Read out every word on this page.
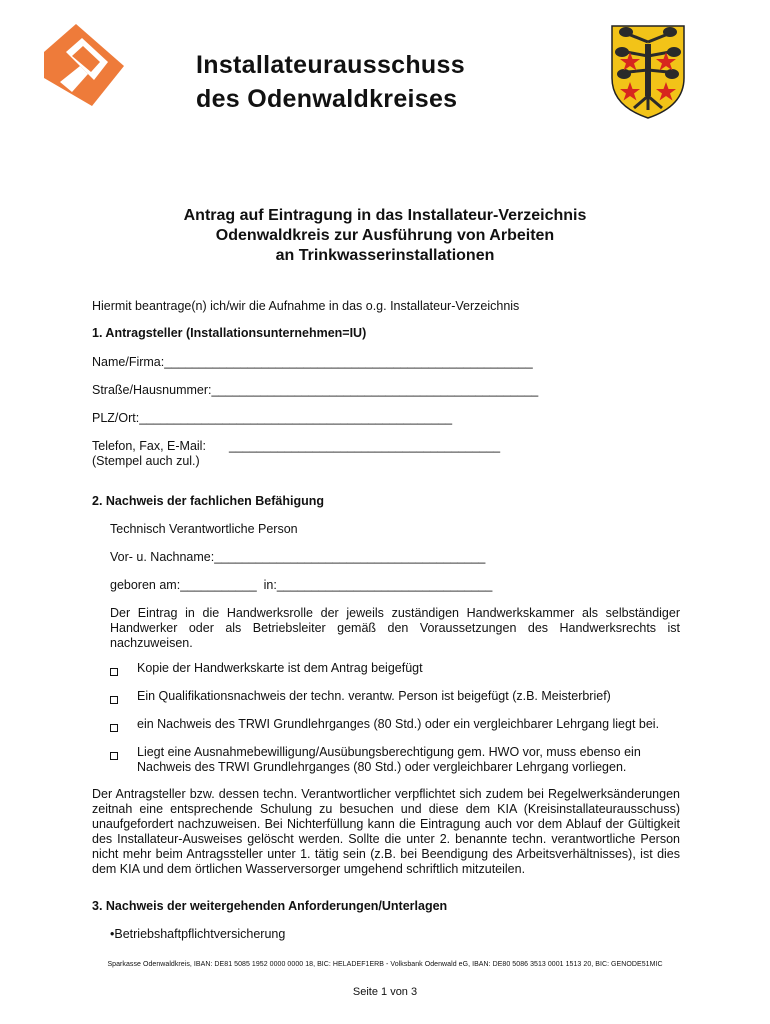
Installateurausschuss
des Odenwaldkreises
Antrag auf Eintragung in das Installateur-Verzeichnis
Odenwaldkreis zur Ausführung von Arbeiten
an Trinkwasserinstallationen
Hiermit beantrage(n) ich/wir die Aufnahme in das o.g. Installateur-Verzeichnis
1. Antragsteller (Installationsunternehmen=IU)
Name/Firma:_____________________________________________________
Straße/Hausnummer:_______________________________________________
PLZ/Ort:_____________________________________________
Telefon, Fax, E-Mail:
(Stempel auch zul.)
_______________________________________
2. Nachweis der fachlichen Befähigung
Technisch Verantwortliche Person
Vor- u. Nachname:_______________________________________
geboren am:___________ in:_______________________________
Der Eintrag in die Handwerksrolle der jeweils zuständigen Handwerkskammer als selbständiger Handwerker oder als Betriebsleiter gemäß den Voraussetzungen des Handwerksrechts ist nachzuweisen.
Kopie der Handwerkskarte ist dem Antrag beigefügt
Ein Qualifikationsnachweis der techn. verantw. Person ist beigefügt (z.B. Meisterbrief)
ein Nachweis des TRWI Grundlehrganges (80 Std.) oder ein vergleichbarer Lehrgang liegt bei.
Liegt eine Ausnahmebewilligung/Ausübungsberechtigung gem. HWO vor, muss ebenso ein Nachweis des TRWI Grundlehrganges (80 Std.) oder vergleichbarer Lehrgang vorliegen.
Der Antragsteller bzw. dessen techn. Verantwortlicher verpflichtet sich zudem bei Regelwerksänderungen zeitnah eine entsprechende Schulung zu besuchen und diese dem KIA (Kreisinstallateurausschuss) unaufgefordert nachzuweisen. Bei Nichterfüllung kann die Eintragung auch vor dem Ablauf der Gültigkeit des Installateur-Ausweises gelöscht werden. Sollte die unter 2. benannte techn. verantwortliche Person nicht mehr beim Antragssteller unter 1. tätig sein (z.B. bei Beendigung des Arbeitsverhältnisses), ist dies dem KIA und dem örtlichen Wasserversorger umgehend schriftlich mitzuteilen.
3. Nachweis der weitergehenden Anforderungen/Unterlagen
•Betriebshaftpflichtversicherung
Sparkasse Odenwaldkreis, IBAN: DE81 5085 1952 0000 0000 18, BIC: HELADEF1ERB - Volksbank Odenwald eG, IBAN: DE80 5086 3513 0001 1513 20, BIC: GENODE51MIC
Seite 1 von 3
